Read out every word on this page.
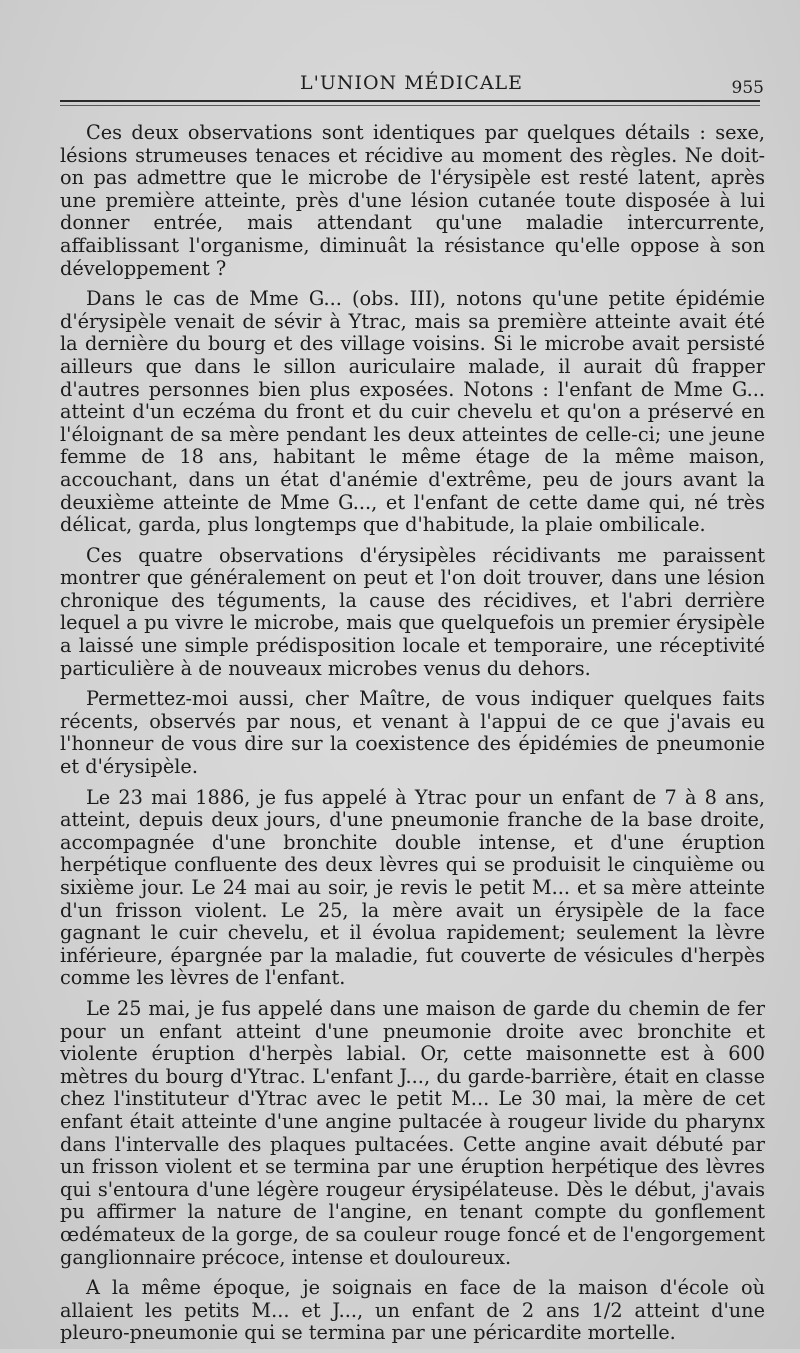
L'UNION MÉDICALE	955

Ces deux observations sont identiques par quelques détails : sexe, lésions strumeuses tenaces et récidive au moment des règles. Ne doit-on pas admettre que le microbe de l'érysipèle est resté latent, après une première atteinte, près d'une lésion cutanée toute disposée à lui donner entrée, mais attendant qu'une maladie intercurrente, affaiblissant l'organisme, diminuât la résistance qu'elle oppose à son développement ?

Dans le cas de Mme G... (obs. III), notons qu'une petite épidémie d'érysipèle venait de sévir à Ytrac, mais sa première atteinte avait été la dernière du bourg et des village voisins. Si le microbe avait persisté ailleurs que dans le sillon auriculaire malade, il aurait dû frapper d'autres personnes bien plus exposées. Notons : l'enfant de Mme G... atteint d'un eczéma du front et du cuir chevelu et qu'on a préservé en l'éloignant de sa mère pendant les deux atteintes de celle-ci; une jeune femme de 18 ans, habitant le même étage de la même maison, accouchant, dans un état d'anémie d'extrême, peu de jours avant la deuxième atteinte de Mme G..., et l'enfant de cette dame qui, né très délicat, garda, plus longtemps que d'habitude, la plaie ombilicale.

Ces quatre observations d'érysipèles récidivants me paraissent montrer que généralement on peut et l'on doit trouver, dans une lésion chronique des téguments, la cause des récidives, et l'abri derrière lequel a pu vivre le microbe, mais que quelquefois un premier érysipèle a laissé une simple prédisposition locale et temporaire, une réceptivité particulière à de nouveaux microbes venus du dehors.

Permettez-moi aussi, cher Maître, de vous indiquer quelques faits récents, observés par nous, et venant à l'appui de ce que j'avais eu l'honneur de vous dire sur la coexistence des épidémies de pneumonie et d'érysipèle.

Le 23 mai 1886, je fus appelé à Ytrac pour un enfant de 7 à 8 ans, atteint, depuis deux jours, d'une pneumonie franche de la base droite, accompagnée d'une bronchite double intense, et d'une éruption herpétique confluente des deux lèvres qui se produisit le cinquième ou sixième jour. Le 24 mai au soir, je revis le petit M... et sa mère atteinte d'un frisson violent. Le 25, la mère avait un érysipèle de la face gagnant le cuir chevelu, et il évolua rapidement; seulement la lèvre inférieure, épargnée par la maladie, fut couverte de vésicules d'herpès comme les lèvres de l'enfant.

Le 25 mai, je fus appelé dans une maison de garde du chemin de fer pour un enfant atteint d'une pneumonie droite avec bronchite et violente éruption d'herpès labial. Or, cette maisonnette est à 600 mètres du bourg d'Ytrac. L'enfant J..., du garde-barrière, était en classe chez l'instituteur d'Ytrac avec le petit M... Le 30 mai, la mère de cet enfant était atteinte d'une angine pultacée à rougeur livide du pharynx dans l'intervalle des plaques pultacées. Cette angine avait débuté par un frisson violent et se termina par une éruption herpétique des lèvres qui s'entoura d'une légère rougeur érysipélateuse. Dès le début, j'avais pu affirmer la nature de l'angine, en tenant compte du gonflement œdémateux de la gorge, de sa couleur rouge foncé et de l'engorgement ganglionnaire précoce, intense et douloureux.

A la même époque, je soignais en face de la maison d'école où allaient les petits M... et J..., un enfant de 2 ans 1/2 atteint d'une pleuro-pneumonie qui se termina par une péricardite mortelle.
